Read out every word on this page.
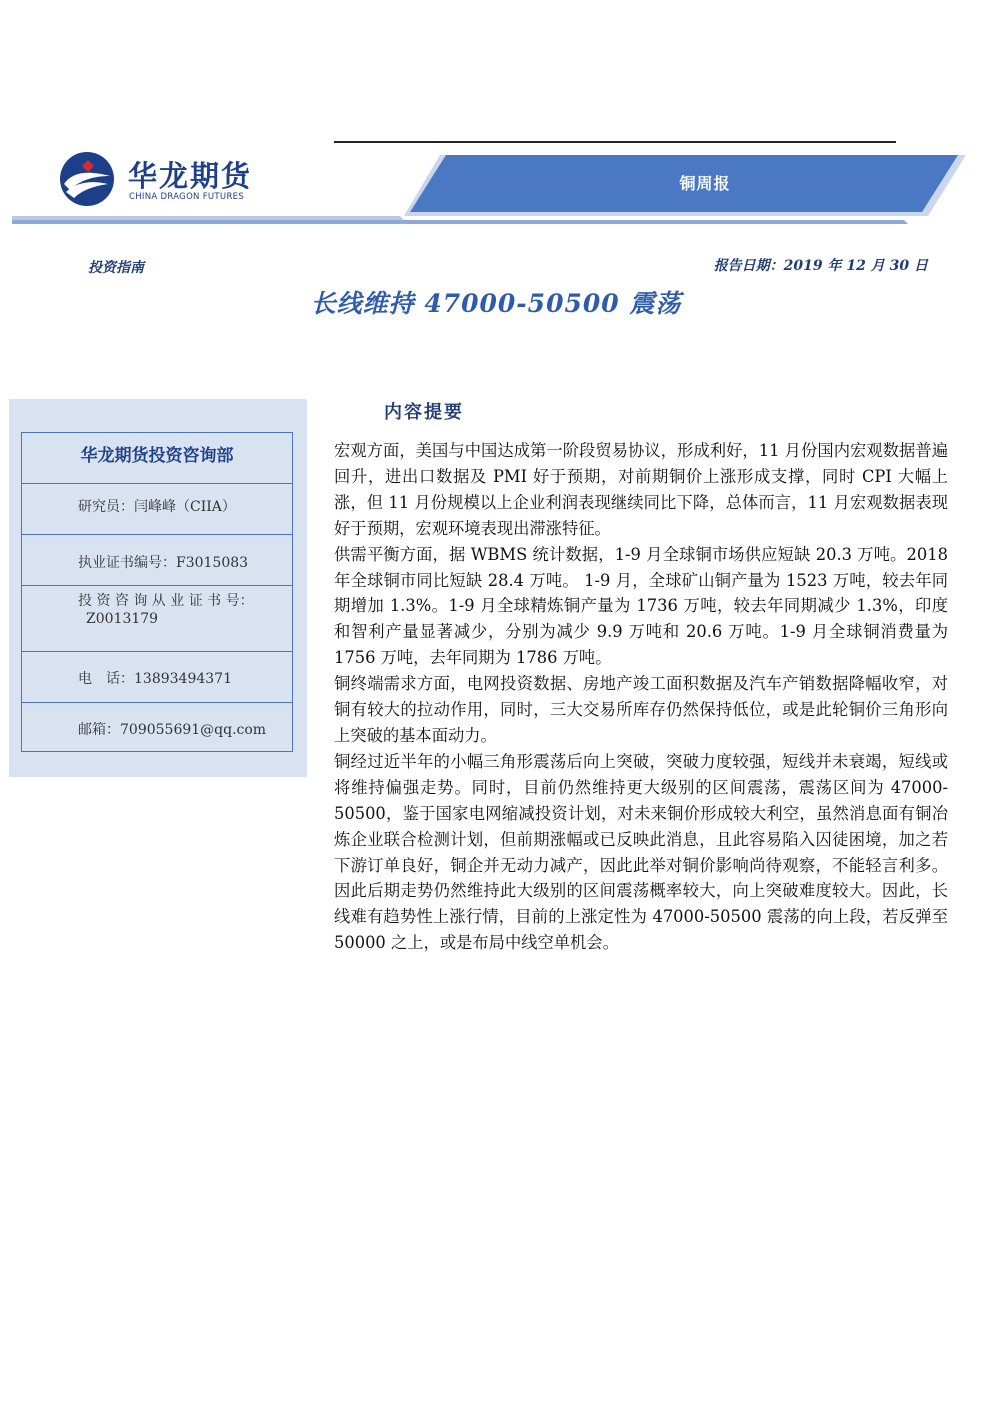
华龙期货
CHINA DRAGON FUTURES
铜周报
投资指南	报告日期：2019 年 12 月 30 日
长线维持 47000-50500 震荡
华龙期货投资咨询部
研究员：闫峰峰（CIIA）
执业证书编号：F3015083
投 资 咨 询 从 业 证 书 号：
Z0013179
电　话：13893494371
邮箱：709055691@qq.com
内容提要

宏观方面，美国与中国达成第一阶段贸易协议，形成利好，11 月份国内宏观数据普遍回升，进出口数据及 PMI 好于预期，对前期铜价上涨形成支撑，同时 CPI 大幅上涨，但 11 月份规模以上企业利润表现继续同比下降，总体而言，11 月宏观数据表现好于预期，宏观环境表现出滞涨特征。

供需平衡方面，据 WBMS 统计数据，1-9 月全球铜市场供应短缺 20.3 万吨。2018 年全球铜市同比短缺 28.4 万吨。 1-9 月，全球矿山铜产量为 1523 万吨，较去年同期增加 1.3%。1-9 月全球精炼铜产量为 1736 万吨，较去年同期减少 1.3%，印度和智利产量显著减少，分别为减少 9.9 万吨和 20.6 万吨。1-9 月全球铜消费量为 1756 万吨，去年同期为 1786 万吨。

铜终端需求方面，电网投资数据、房地产竣工面积数据及汽车产销数据降幅收窄，对铜有较大的拉动作用，同时，三大交易所库存仍然保持低位，或是此轮铜价三角形向上突破的基本面动力。

铜经过近半年的小幅三角形震荡后向上突破，突破力度较强，短线并未衰竭，短线或将维持偏强走势。同时，目前仍然维持更大级别的区间震荡，震荡区间为 47000-50500，鉴于国家电网缩减投资计划，对未来铜价形成较大利空，虽然消息面有铜冶炼企业联合检测计划，但前期涨幅或已反映此消息，且此容易陷入囚徒困境，加之若下游订单良好，铜企并无动力减产，因此此举对铜价影响尚待观察，不能轻言利多。因此后期走势仍然维持此大级别的区间震荡概率较大，向上突破难度较大。因此，长线难有趋势性上涨行情，目前的上涨定性为 47000-50500 震荡的向上段，若反弹至 50000 之上，或是布局中线空单机会。
